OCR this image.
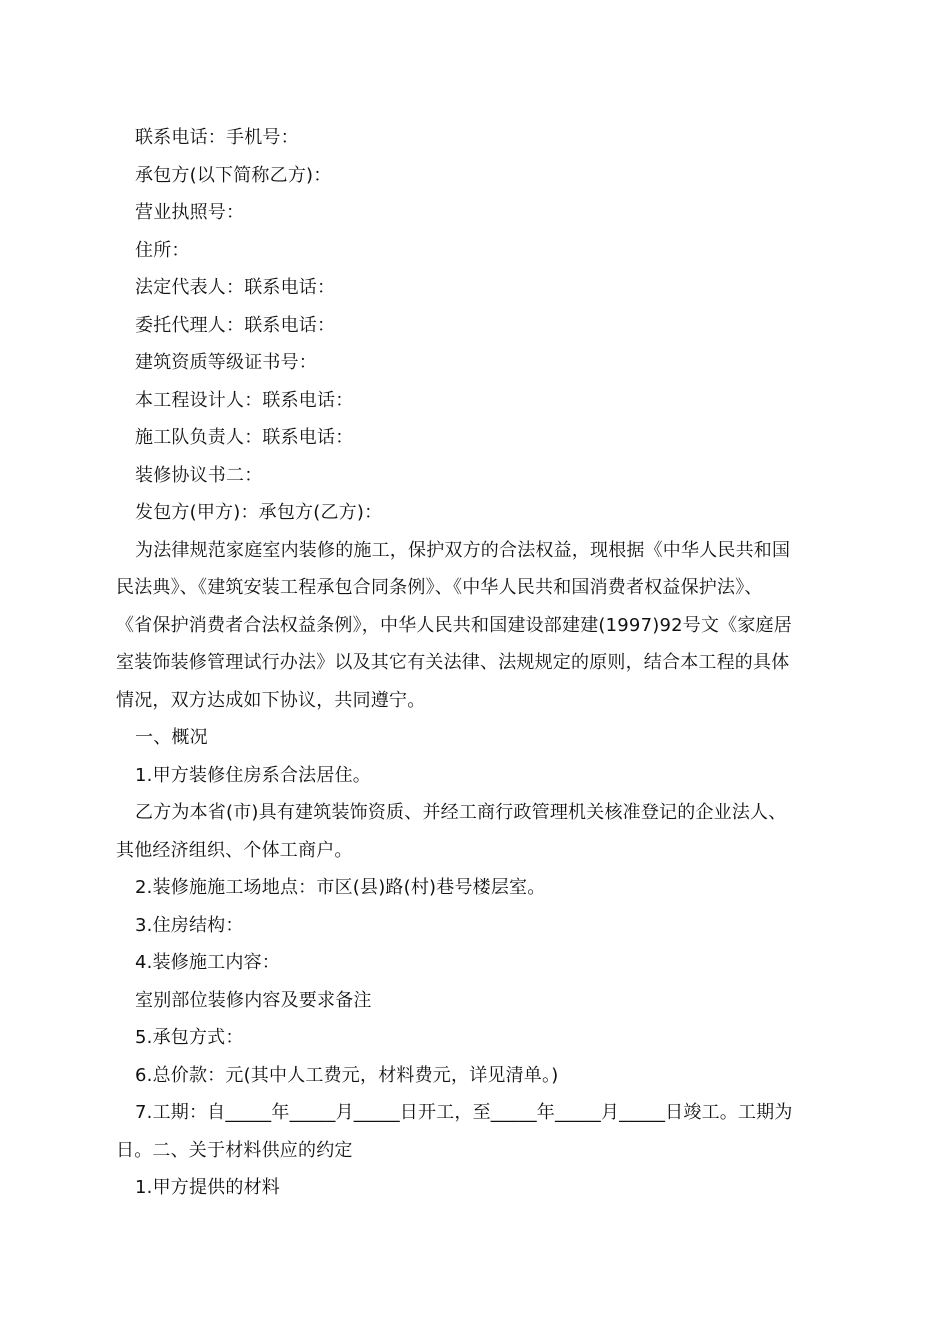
联系电话：手机号：
承包方(以下简称乙方)：
营业执照号：
住所：
法定代表人：联系电话：
委托代理人：联系电话：
建筑资质等级证书号：
本工程设计人：联系电话：
施工队负责人：联系电话：
装修协议书二：
发包方(甲方)：承包方(乙方)：
为法律规范家庭室内装修的施工，保护双方的合法权益，现根据《中华人民共和国
民法典》、《建筑安装工程承包合同条例》、《中华人民共和国消费者权益保护法》、
《省保护消费者合法权益条例》，中华人民共和国建设部建建(1997)92号文《家庭居
室装饰装修管理试行办法》以及其它有关法律、法规规定的原则，结合本工程的具体
情况，双方达成如下协议，共同遵宁。
一、概况
1.甲方装修住房系合法居住。
乙方为本省(市)具有建筑装饰资质、并经工商行政管理机关核准登记的企业法人、
其他经济组织、个体工商户。
2.装修施施工场地点：市区(县)路(村)巷号楼层室。
3.住房结构：
4.装修施工内容：
室别部位装修内容及要求备注
5.承包方式：
6.总价款：元(其中人工费元，材料费元，详见清单。)
7.工期：自_____年_____月_____日开工，至_____年_____月_____日竣工。工期为
日。二、关于材料供应的约定
1.甲方提供的材料
